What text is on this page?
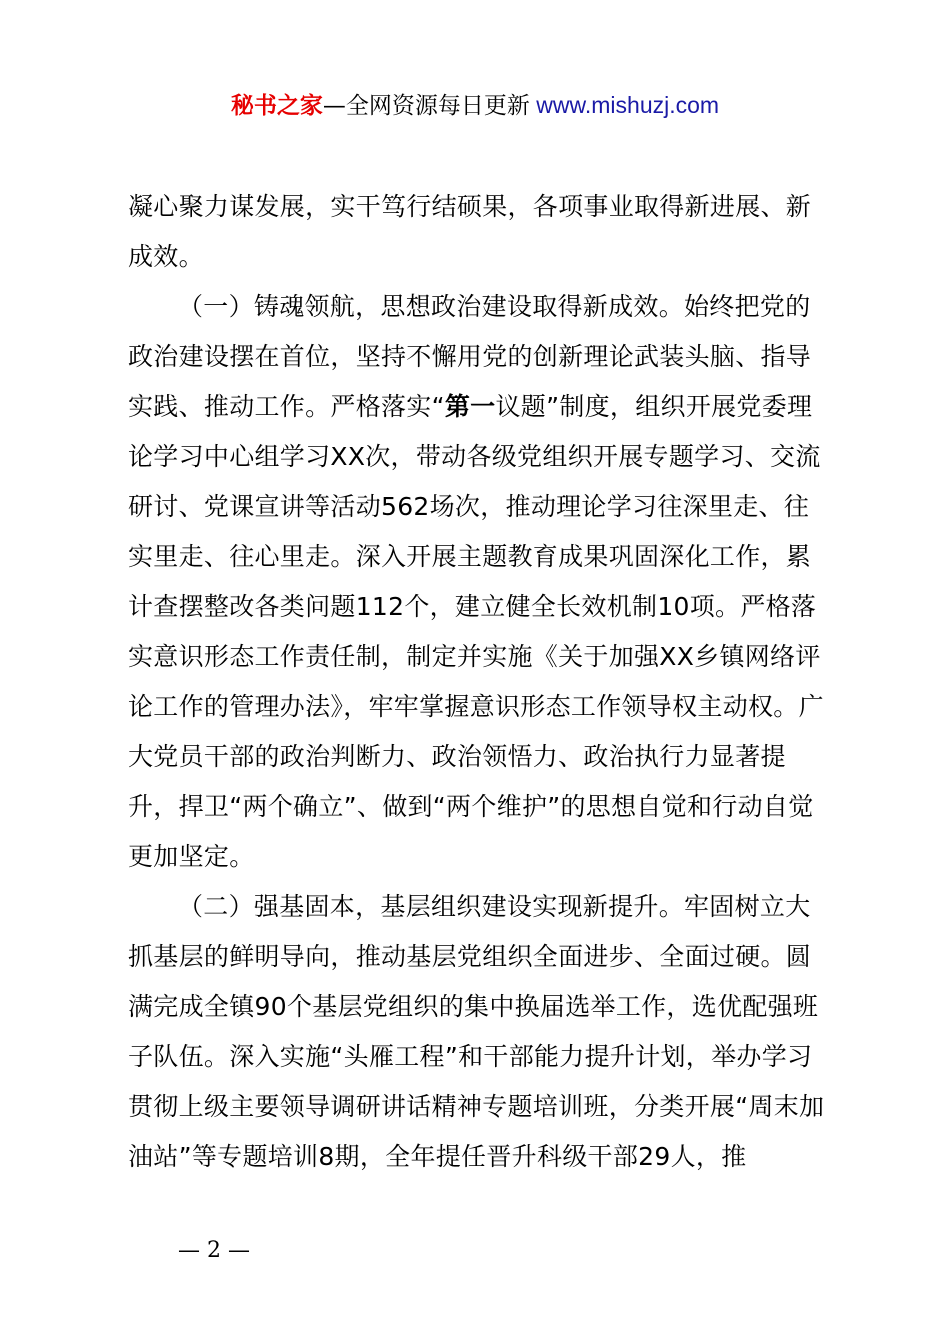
秘书之家—全网资源每日更新 www.mishuzj.com

凝心聚力谋发展，实干笃行结硕果，各项事业取得新进展、新成效。

（一）铸魂领航，思想政治建设取得新成效。始终把党的政治建设摆在首位，坚持不懈用党的创新理论武装头脑、指导实践、推动工作。严格落实“第一议题”制度，组织开展党委理论学习中心组学习XX次，带动各级党组织开展专题学习、交流研讨、党课宣讲等活动562场次，推动理论学习往深里走、往实里走、往心里走。深入开展主题教育成果巩固深化工作，累计查摆整改各类问题112个，建立健全长效机制10项。严格落实意识形态工作责任制，制定并实施《关于加强XX乡镇网络评论工作的管理办法》，牢牢掌握意识形态工作领导权主动权。广大党员干部的政治判断力、政治领悟力、政治执行力显著提升，捍卫“两个确立”、做到“两个维护”的思想自觉和行动自觉更加坚定。

（二）强基固本，基层组织建设实现新提升。牢固树立大抓基层的鲜明导向，推动基层党组织全面进步、全面过硬。圆满完成全镇90个基层党组织的集中换届选举工作，选优配强班子队伍。深入实施“头雁工程”和干部能力提升计划，举办学习贯彻上级主要领导调研讲话精神专题培训班，分类开展“周末加油站”等专题培训8期，全年提任晋升科级干部29人，推

— 2 —
